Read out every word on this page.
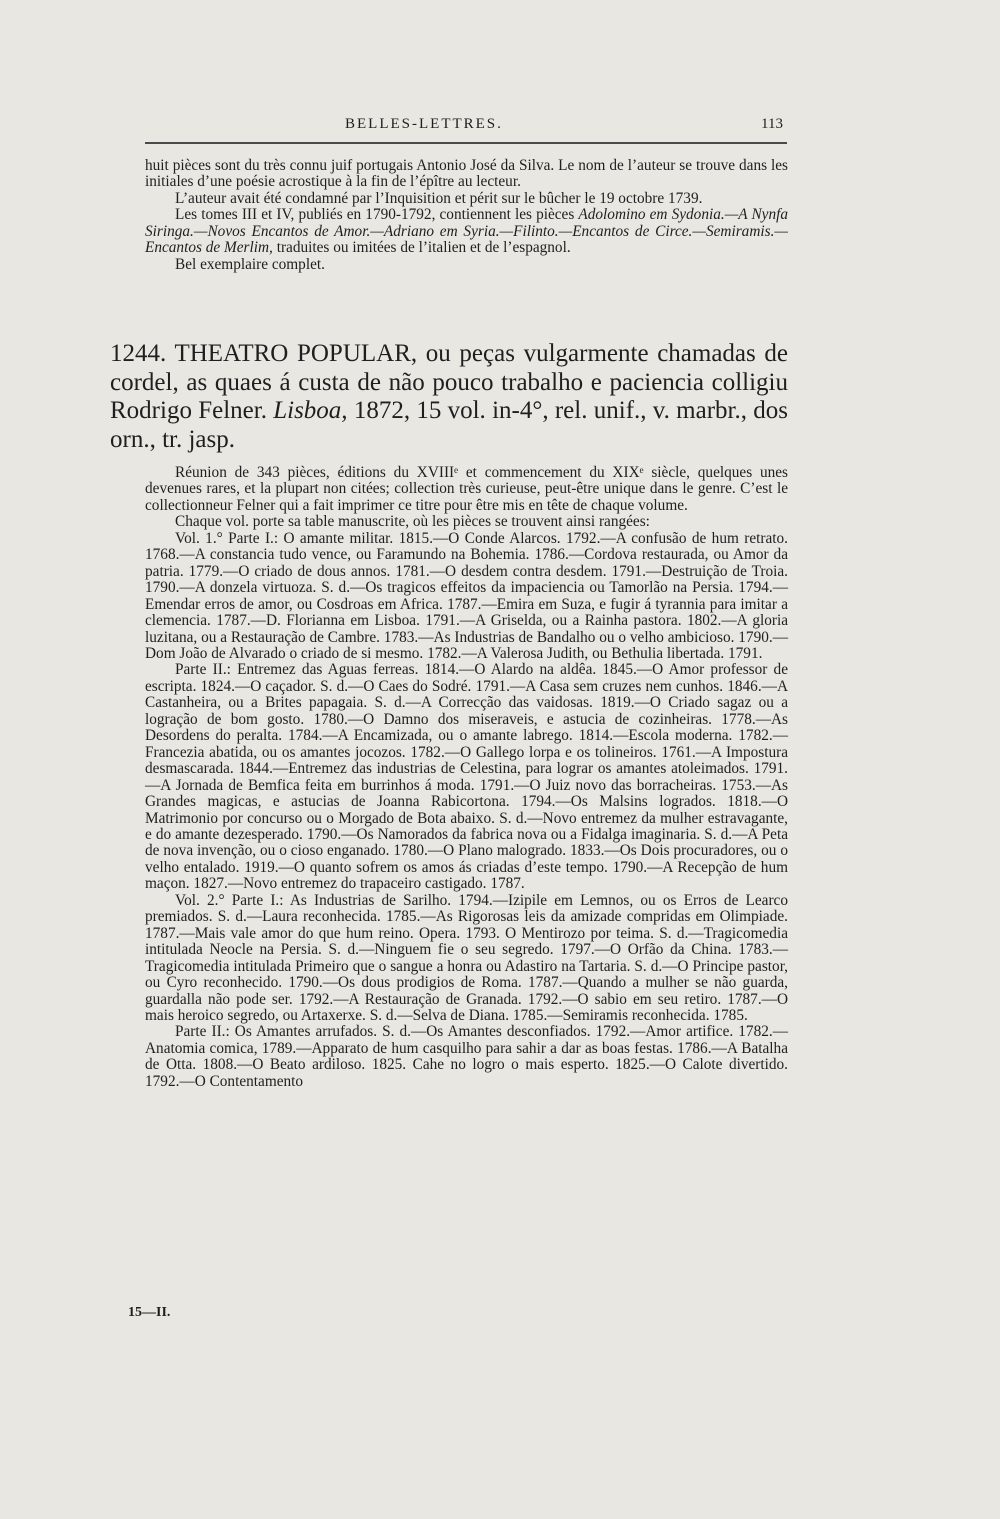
BELLES-LETTRES.	113

huit pièces sont du très connu juif portugais Antonio José da Silva. Le nom de l’auteur se trouve dans les initiales d’une poésie acrostique à la fin de l’épître au lecteur.

L’auteur avait été condamné par l’Inquisition et périt sur le bûcher le 19 octobre 1739.

Les tomes III et IV, publiés en 1790-1792, contiennent les pièces Adolomino em Sydonia.—A Nynfa Siringa.—Novos Encantos de Amor.—Adriano em Syria.—Filinto.—Encantos de Circe.—Semiramis.—Encantos de Merlim, traduites ou imitées de l’italien et de l’espagnol.

Bel exemplaire complet.

1244. THEATRO POPULAR, ou peças vulgarmente chamadas de cordel, as quaes á custa de não pouco trabalho e paciencia colligiu Rodrigo Felner. Lisboa, 1872, 15 vol. in-4°, rel. unif., v. marbr., dos orn., tr. jasp.

Réunion de 343 pièces, éditions du XVIIIᵉ et commencement du XIXᵉ siècle, quelques unes devenues rares, et la plupart non citées; collection très curieuse, peut-être unique dans le genre. C’est le collectionneur Felner qui a fait imprimer ce titre pour être mis en tête de chaque volume.

Chaque vol. porte sa table manuscrite, où les pièces se trouvent ainsi rangées:

Vol. 1.° Parte I.: O amante militar. 1815.—O Conde Alarcos. 1792.—A confusão de hum retrato. 1768.—A constancia tudo vence, ou Faramundo na Bohemia. 1786.—Cordova restaurada, ou Amor da patria. 1779.—O criado de dous annos. 1781.—O desdem contra desdem. 1791.—Destruição de Troia. 1790.—A donzela virtuoza. S. d.—Os tragicos effeitos da impaciencia ou Tamorlão na Persia. 1794.—Emendar erros de amor, ou Cosdroas em Africa. 1787.—Emira em Suza, e fugir á tyrannia para imitar a clemencia. 1787.—D. Florianna em Lisboa. 1791.—A Griselda, ou a Rainha pastora. 1802.—A gloria luzitana, ou a Restauração de Cambre. 1783.—As Industrias de Bandalho ou o velho ambicioso. 1790.—Dom João de Alvarado o criado de si mesmo. 1782.—A Valerosa Judith, ou Bethulia libertada. 1791.

Parte II.: Entremez das Aguas ferreas. 1814.—O Alardo na aldêa. 1845.—O Amor professor de escripta. 1824.—O caçador. S. d.—O Caes do Sodré. 1791.—A Casa sem cruzes nem cunhos. 1846.—A Castanheira, ou a Brites papagaia. S. d.—A Correcção das vaidosas. 1819.—O Criado sagaz ou a logração de bom gosto. 1780.—O Damno dos miseraveis, e astucia de cozinheiras. 1778.—As Desordens do peralta. 1784.—A Encamizada, ou o amante labrego. 1814.—Escola moderna. 1782.—Francezia abatida, ou os amantes jocozos. 1782.—O Gallego lorpa e os tolineiros. 1761.—A Impostura desmascarada. 1844.—Entremez das industrias de Celestina, para lograr os amantes atoleimados. 1791.—A Jornada de Bemfica feita em burrinhos á moda. 1791.—O Juiz novo das borracheiras. 1753.—As Grandes magicas, e astucias de Joanna Rabicortona. 1794.—Os Malsins logrados. 1818.—O Matrimonio por concurso ou o Morgado de Bota abaixo. S. d.—Novo entremez da mulher estravagante, e do amante dezesperado. 1790.—Os Namorados da fabrica nova ou a Fidalga imaginaria. S. d.—A Peta de nova invenção, ou o cioso enganado. 1780.—O Plano malogrado. 1833.—Os Dois procuradores, ou o velho entalado. 1919.—O quanto sofrem os amos ás criadas d’este tempo. 1790.—A Recepção de hum maçon. 1827.—Novo entremez do trapaceiro castigado. 1787.

Vol. 2.° Parte I.: As Industrias de Sarilho. 1794.—Izipile em Lemnos, ou os Erros de Learco premiados. S. d.—Laura reconhecida. 1785.—As Rigorosas leis da amizade compridas em Olimpiade. 1787.—Mais vale amor do que hum reino. Opera. 1793. O Mentirozo por teima. S. d.—Tragicomedia intitulada Neocle na Persia. S. d.—Ninguem fie o seu segredo. 1797.—O Orfão da China. 1783.—Tragicomedia intitulada Primeiro que o sangue a honra ou Adastiro na Tartaria. S. d.—O Principe pastor, ou Cyro reconhecido. 1790.—Os dous prodigios de Roma. 1787.—Quando a mulher se não guarda, guardalla não pode ser. 1792.—A Restauração de Granada. 1792.—O sabio em seu retiro. 1787.—O mais heroico segredo, ou Artaxerxe. S. d.—Selva de Diana. 1785.—Semiramis reconhecida. 1785.

Parte II.: Os Amantes arrufados. S. d.—Os Amantes desconfiados. 1792.—Amor artifice. 1782.—Anatomia comica, 1789.—Apparato de hum casquilho para sahir a dar as boas festas. 1786.—A Batalha de Otta. 1808.—O Beato ardiloso. 1825. Cahe no logro o mais esperto. 1825.—O Calote divertido. 1792.—O Contentamento

15—II.
